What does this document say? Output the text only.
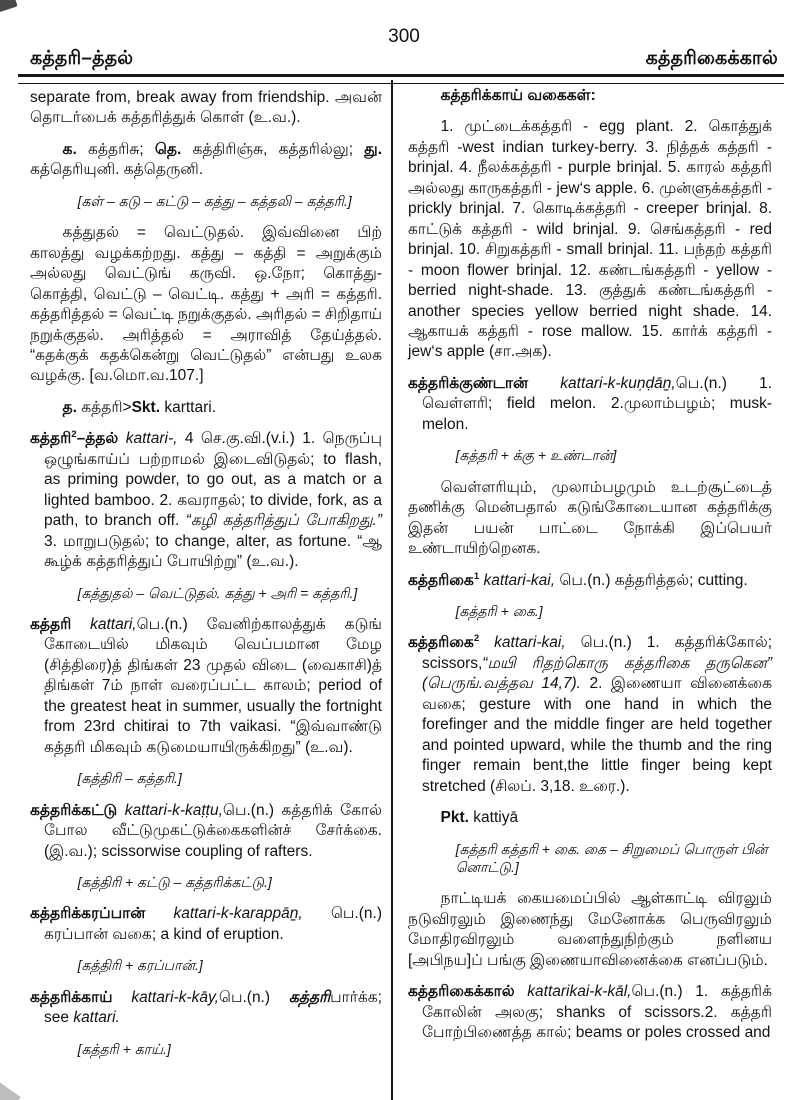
கத்தரி–த்தல்
300
கத்தரிகைக்கால்

separate from, break away from friendship. அவன் தொடர்பைக் கத்தரித்துக் கொள் (உ.வ.).

க. கத்தரிசு; தெ. கத்திரிஞ்சு, கத்தரில்லு; து. கத்தெரியுனி. கத்தெருனி.

[கள் – கடு – கட்டு – கத்து – கத்தலி – கத்தரி.]

கத்துதல் = வெட்டுதல். இவ்வினை பிற் காலத்து வழக்கற்றது. கத்து – கத்தி = அறுக்கும் அல்லது வெட்டுங் கருவி. ஒ.நோ; கொத்து-கொத்தி, வெட்டு – வெட்டி. கத்து + அரி = கத்தரி. கத்தரித்தல் = வெட்டி நறுக்குதல். அரிதல் = சிறிதாய் நறுக்குதல். அரித்தல் = அராவித் தேய்த்தல். “கதக்குக் கதக்கென்று வெட்டுதல்” என்பது உலக வழக்கு. [வ.மொ.வ.107.]

த. கத்தரி>Skt. karttari.

கத்தரி$^2$–த்தல் kattari-, 4 செ.கு.வி.(v.i.) 1. நெருப்பு ஒழுங்காய்ப் பற்றாமல் இடைவிடுதல்; to flash, as priming powder, to go out, as a match or a lighted bamboo. 2. கவராதல்; to divide, fork, as a path, to branch off. “கழி கத்தரித்துப் போகிறது.” 3. மாறுபடுதல்; to change, alter, as fortune. “ஆ கூழ்க் கத்தரித்துப் போயிற்று” (உ.வ.).

[கத்துதல் – வெட்டுதல். கத்து + அரி = கத்தரி.]

கத்தரி kattari,பெ.(n.) வேனிற்காலத்துக் கடுங் கோடையில் மிகவும் வெப்பமான மேழ (சித்திரை)த் திங்கள் 23 முதல் விடை (வைகாசி)த் திங்கள் 7ம் நாள் வரைப்பட்ட காலம்; period of the greatest heat in summer, usually the fortnight from 23rd chitirai to 7th vaikasi. “இவ்வாண்டு கத்தரி மிகவும் கடுமையாயிருக்கிறது” (உ.வ).

[கத்திரி – கத்தரி.]

கத்தரிக்கட்டு kattari-k-kaṭṭu,பெ.(n.) கத்தரிக் கோல் போல வீட்டுமுகட்டுக்கைகளின்ச் சேர்க்கை. (இ.வ.); scissorwise coupling of rafters.

[கத்திரி + கட்டு – கத்தரிக்கட்டு.]

கத்தரிக்கரப்பான் kattari-k-karappāṉ, பெ.(n.) கரப்பான் வகை; a kind of eruption.

[கத்திரி + கரப்பான்.]

கத்தரிக்காய் kattari-k-kāy,பெ.(n.) கத்தரிபார்க்க; see kattari.

[கத்தரி + காய்.]

கத்தரிக்காய் வகைகள்:

1. முட்டைக்கத்தரி - egg plant. 2. கொத்துக் கத்தரி -west indian turkey-berry. 3. நித்தக் கத்தரி - brinjal. 4. நீலக்கத்தரி - purple brinjal. 5. காரல் கத்தரி அல்லது காருகத்தரி - jew‘s apple. 6. முன்ளுக்கத்தரி - prickly brinjal. 7. கொடிக்கத்தரி - creeper brinjal. 8. காட்டுக் கத்தரி - wild brinjal. 9. செங்கத்தரி - red brinjal. 10. சிறுகத்தரி - small brinjal. 11. பந்தற் கத்தரி - moon flower brinjal. 12. கண்டங்கத்தரி - yellow -berried night-shade. 13. குத்துக் கண்டங்கத்தரி - another species yellow berried night shade. 14. ஆகாயக் கத்தரி - rose mallow. 15. கார்க் கத்தரி - jew‘s apple (சா.அக).

கத்தரிக்குண்டான் kattari-k-kuṇḍāṉ,பெ.(n.) 1. வெள்ளரி; field melon. 2.முலாம்பழம்; musk-melon.

[கத்தரி + க்கு + உண்டான்]

வெள்ளரியும், முலாம்பழமும் உடற்சூட்டைத் தணிக்கு மென்பதால் கடுங்கோடையான கத்தரிக்கு இதன் பயன் பாட்டை நோக்கி இப்பெயர் உண்டாயிற்றெனக.

கத்தரிகை$^1$ kattari-kai, பெ.(n.) கத்தரித்தல்; cutting.

[கத்தரி + கை.]

கத்தரிகை$^2$ kattari-kai, பெ.(n.) 1. கத்தரிக்கோல்; scissors,“மயி ரிதற்கொரு கத்தரிகை தருகென” (பெருங்.வத்தவ 14,7). 2. இணையா வினைக்கை வகை; gesture with one hand in which the forefinger and the middle finger are held together and pointed upward, while the thumb and the ring finger remain bent,the little finger being kept stretched (சிலப். 3,18. உரை.).

Pkt. kattiyā

[கத்தரி கத்தரி + கை. கை – சிறுமைப் பொருள் பின் னொட்டு.]

நாட்டியக் கையமைப்பில் ஆள்காட்டி விரலும் நடுவிரலும் இணைந்து மேனோக்க பெருவிரலும் மோதிரவிரலும் வளைந்துநிற்கும் நளினய [அபிநய]ப் பங்கு இணையாவினைக்கை எனப்படும்.

கத்தரிகைக்கால் kattarikai-k-kāl,பெ.(n.) 1. கத்தரிக் கோலின் அலகு; shanks of scissors.2. கத்தரி போற்பிணைத்த கால்; beams or poles crossed and
